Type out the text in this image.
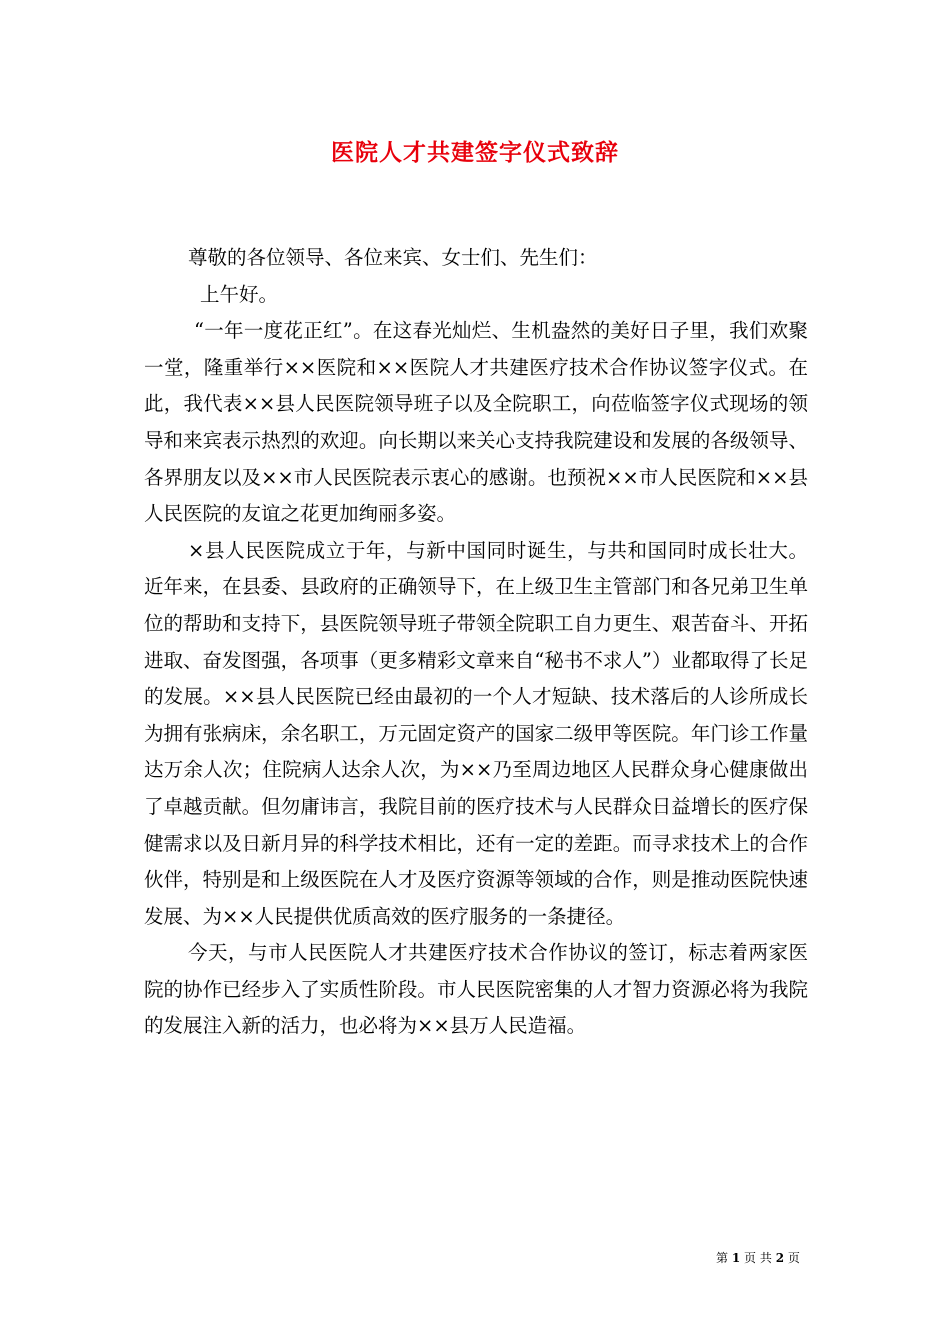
医院人才共建签字仪式致辞

尊敬的各位领导、各位来宾、女士们、先生们：

上午好。

“一年一度花正红”。在这春光灿烂、生机盎然的美好日子里，我们欢聚一堂，隆重举行××医院和××医院人才共建医疗技术合作协议签字仪式。在此，我代表××县人民医院领导班子以及全院职工，向莅临签字仪式现场的领导和来宾表示热烈的欢迎。向长期以来关心支持我院建设和发展的各级领导、各界朋友以及××市人民医院表示衷心的感谢。也预祝××市人民医院和××县人民医院的友谊之花更加绚丽多姿。

×县人民医院成立于年，与新中国同时诞生，与共和国同时成长壮大。近年来，在县委、县政府的正确领导下，在上级卫生主管部门和各兄弟卫生单位的帮助和支持下，县医院领导班子带领全院职工自力更生、艰苦奋斗、开拓进取、奋发图强，各项事（更多精彩文章来自“秘书不求人”）业都取得了长足的发展。××县人民医院已经由最初的一个人才短缺、技术落后的人诊所成长为拥有张病床，余名职工，万元固定资产的国家二级甲等医院。年门诊工作量达万余人次；住院病人达余人次，为××乃至周边地区人民群众身心健康做出了卓越贡献。但勿庸讳言，我院目前的医疗技术与人民群众日益增长的医疗保健需求以及日新月异的科学技术相比，还有一定的差距。而寻求技术上的合作伙伴，特别是和上级医院在人才及医疗资源等领域的合作，则是推动医院快速发展、为××人民提供优质高效的医疗服务的一条捷径。

今天，与市人民医院人才共建医疗技术合作协议的签订，标志着两家医院的协作已经步入了实质性阶段。市人民医院密集的人才智力资源必将为我院的发展注入新的活力，也必将为××县万人民造福。

第 1 页 共 2 页
